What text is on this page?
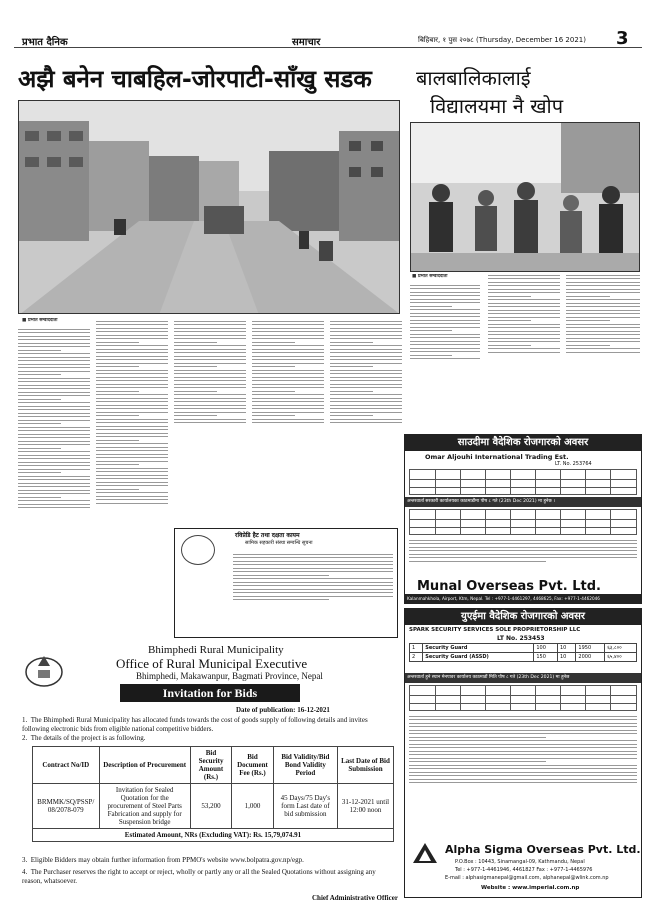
प्रभात दैनिक	समाचार	बिहिबार, १ पुस २०७८ (Thursday, December 16 2021) 3
अझै बनेन चाबहिल-जोरपाटी-साँखु सडक बालबालिकालाई
विद्यालयमा नै खोप
■ प्रभात सम्वाददाता
■ प्रभात सम्वाददाता
रविप्रेडि हैट तथा दक्षता कायम
सामिक सहकारी संस्था सम्वन्धि सूचना
Bhimphedi Rural Municipality
Office of Rural Municipal Executive
Bhimphedi, Makawanpur, Bagmati Province, Nepal
Invitation for Bids
Date of publication: 16-12-2021
1.  The Bhimphedi Rural Municipality has allocated funds towards the cost of goods supply of following details and invites following electronic bids from eligible national competitive bidders.
2.  The details of the project is as following.
Contract No/ID	Description of Procurement	Bid Security Amount (Rs.)	Bid Document Fee (Rs.)	Bid Validity/Bid Bond Validity Period	Last Date of Bid Submission
BRMMK/SQ/PSSP/ 08/2078-079	Invitation for Sealed Quotation for the procurement of Steel Parts Fabrication and supply for Suspension bridge	53,200	1,000	45 Days/75 Day's form Last date of bid submission	31-12-2021 until 12:00 noon
Estimated Amount, NRs (Excluding VAT): Rs. 15,79,074.91					
3.  Eligible Bidders may obtain further information from PPMO's website www.bolpatra.gov.np/egp.
4.  The Purchaser reserves the right to accept or reject, wholly or partly any or all the Sealed Quotations without assigning any reason, whatsoever.
Chief Administrative Officer
साउदीमा वैदेशिक रोजगारको अवसर
Omar Aljouhi International Trading Est.
LT. No. 253764
अन्तरवार्ता सरकारी कार्यालयका काठमाडौंमा पौष ८ गते (23th Dec 2021) मा हुनेछ ।
Munal Overseas Pvt. Ltd.
Kalanmahkhola, Airport, Ktm, Nepal. Tel : +977-1-4461297, 4468625, Fax: +977-1-4462046
युएईमा वैदेशिक रोजगारको अवसर
SPARK SECURITY SERVICES SOLE PROPRIETORSHIP LLC
LT No. 253453
1	Security Guard	100	10	1950	६३,८००
2	Security Guard (ASSD)	150	10	2000	६५,४००
अन्तरवार्ता हुने स्थान मेनपावर कार्यालय काठमाडौं मिति पौष ८ गते (23th Dec 2021) मा हुनेछ
Alpha Sigma Overseas Pvt. Ltd.
P.O.Box : 10443, Sinamangal-09, Kathmandu, Nepal
Tel : +977-1-4461946, 4461827 Fax : +977-1-4465976
E-mail : alphasigmanepal@gmail.com, alphanepal@wlink.com.np
Website : www.imperial.com.np
